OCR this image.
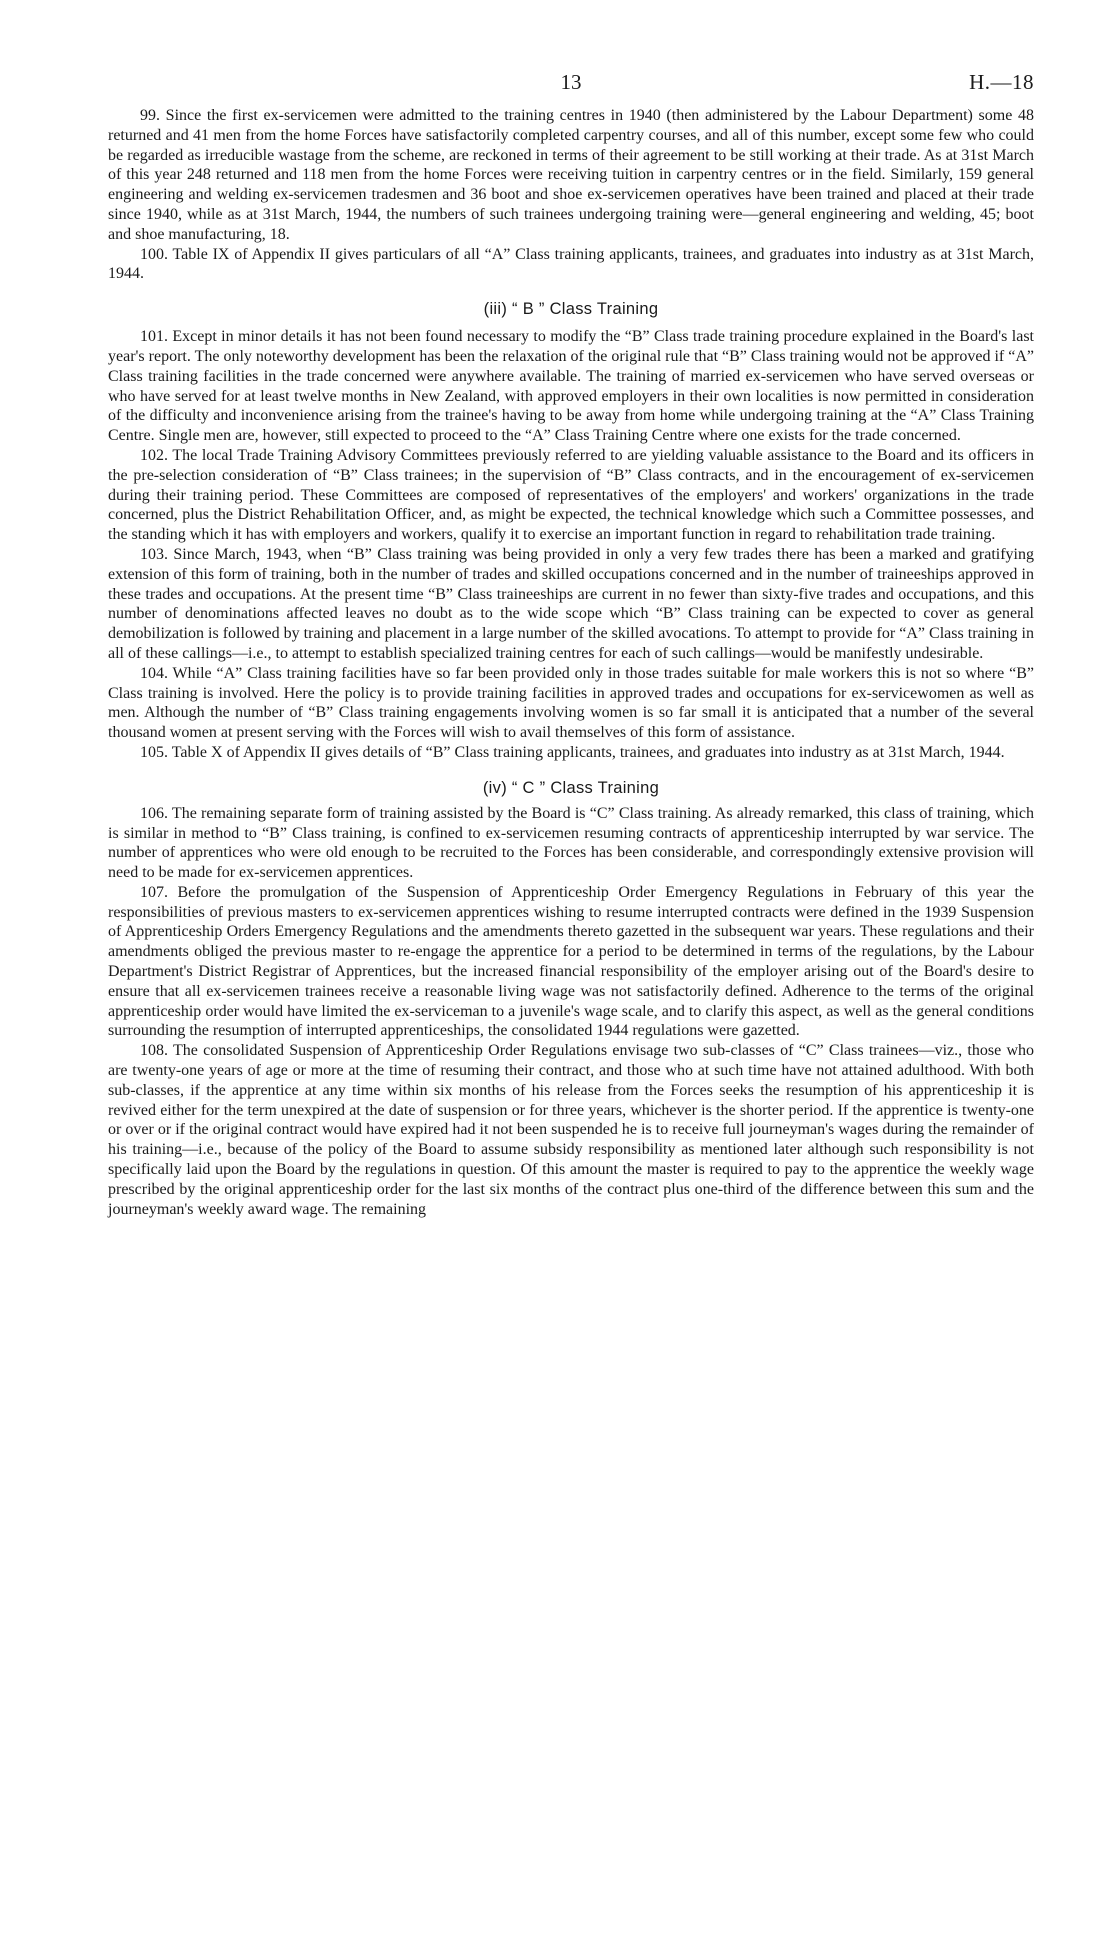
13	H.—18

99. Since the first ex-servicemen were admitted to the training centres in 1940 (then administered by the Labour Department) some 48 returned and 41 men from the home Forces have satisfactorily completed carpentry courses, and all of this number, except some few who could be regarded as irreducible wastage from the scheme, are reckoned in terms of their agreement to be still working at their trade. As at 31st March of this year 248 returned and 118 men from the home Forces were receiving tuition in carpentry centres or in the field. Similarly, 159 general engineering and welding ex-servicemen tradesmen and 36 boot and shoe ex-servicemen operatives have been trained and placed at their trade since 1940, while as at 31st March, 1944, the numbers of such trainees undergoing training were—general engineering and welding, 45; boot and shoe manufacturing, 18.

100. Table IX of Appendix II gives particulars of all “A” Class training applicants, trainees, and graduates into industry as at 31st March, 1944.

(iii) “ B ” Class Training

101. Except in minor details it has not been found necessary to modify the “B” Class trade training procedure explained in the Board's last year's report. The only noteworthy development has been the relaxation of the original rule that “B” Class training would not be approved if “A” Class training facilities in the trade concerned were anywhere available. The training of married ex-servicemen who have served overseas or who have served for at least twelve months in New Zealand, with approved employers in their own localities is now permitted in consideration of the difficulty and inconvenience arising from the trainee's having to be away from home while undergoing training at the “A” Class Training Centre. Single men are, however, still expected to proceed to the “A” Class Training Centre where one exists for the trade concerned.

102. The local Trade Training Advisory Committees previously referred to are yielding valuable assistance to the Board and its officers in the pre-selection consideration of “B” Class trainees; in the supervision of “B” Class contracts, and in the encouragement of ex-servicemen during their training period. These Committees are composed of representatives of the employers' and workers' organizations in the trade concerned, plus the District Rehabilitation Officer, and, as might be expected, the technical knowledge which such a Committee possesses, and the standing which it has with employers and workers, qualify it to exercise an important function in regard to rehabilitation trade training.

103. Since March, 1943, when “B” Class training was being provided in only a very few trades there has been a marked and gratifying extension of this form of training, both in the number of trades and skilled occupations concerned and in the number of traineeships approved in these trades and occupations. At the present time “B” Class traineeships are current in no fewer than sixty-five trades and occupations, and this number of denominations affected leaves no doubt as to the wide scope which “B” Class training can be expected to cover as general demobilization is followed by training and placement in a large number of the skilled avocations. To attempt to provide for “A” Class training in all of these callings—i.e., to attempt to establish specialized training centres for each of such callings—would be manifestly undesirable.

104. While “A” Class training facilities have so far been provided only in those trades suitable for male workers this is not so where “B” Class training is involved. Here the policy is to provide training facilities in approved trades and occupations for ex-servicewomen as well as men. Although the number of “B” Class training engagements involving women is so far small it is anticipated that a number of the several thousand women at present serving with the Forces will wish to avail themselves of this form of assistance.

105. Table X of Appendix II gives details of “B” Class training applicants, trainees, and graduates into industry as at 31st March, 1944.

(iv) “ C ” Class Training

106. The remaining separate form of training assisted by the Board is “C” Class training. As already remarked, this class of training, which is similar in method to “B” Class training, is confined to ex-servicemen resuming contracts of apprenticeship interrupted by war service. The number of apprentices who were old enough to be recruited to the Forces has been considerable, and correspondingly extensive provision will need to be made for ex-servicemen apprentices.

107. Before the promulgation of the Suspension of Apprenticeship Order Emergency Regulations in February of this year the responsibilities of previous masters to ex-servicemen apprentices wishing to resume interrupted contracts were defined in the 1939 Suspension of Apprenticeship Orders Emergency Regulations and the amendments thereto gazetted in the subsequent war years. These regulations and their amendments obliged the previous master to re-engage the apprentice for a period to be determined in terms of the regulations, by the Labour Department's District Registrar of Apprentices, but the increased financial responsibility of the employer arising out of the Board's desire to ensure that all ex-servicemen trainees receive a reasonable living wage was not satisfactorily defined. Adherence to the terms of the original apprenticeship order would have limited the ex-serviceman to a juvenile's wage scale, and to clarify this aspect, as well as the general conditions surrounding the resumption of interrupted apprenticeships, the consolidated 1944 regulations were gazetted.

108. The consolidated Suspension of Apprenticeship Order Regulations envisage two sub-classes of “C” Class trainees—viz., those who are twenty-one years of age or more at the time of resuming their contract, and those who at such time have not attained adulthood. With both sub-classes, if the apprentice at any time within six months of his release from the Forces seeks the resumption of his apprenticeship it is revived either for the term unexpired at the date of suspension or for three years, whichever is the shorter period. If the apprentice is twenty-one or over or if the original contract would have expired had it not been suspended he is to receive full journeyman's wages during the remainder of his training—i.e., because of the policy of the Board to assume subsidy responsibility as mentioned later although such responsibility is not specifically laid upon the Board by the regulations in question. Of this amount the master is required to pay to the apprentice the weekly wage prescribed by the original apprenticeship order for the last six months of the contract plus one-third of the difference between this sum and the journeyman's weekly award wage. The remaining
